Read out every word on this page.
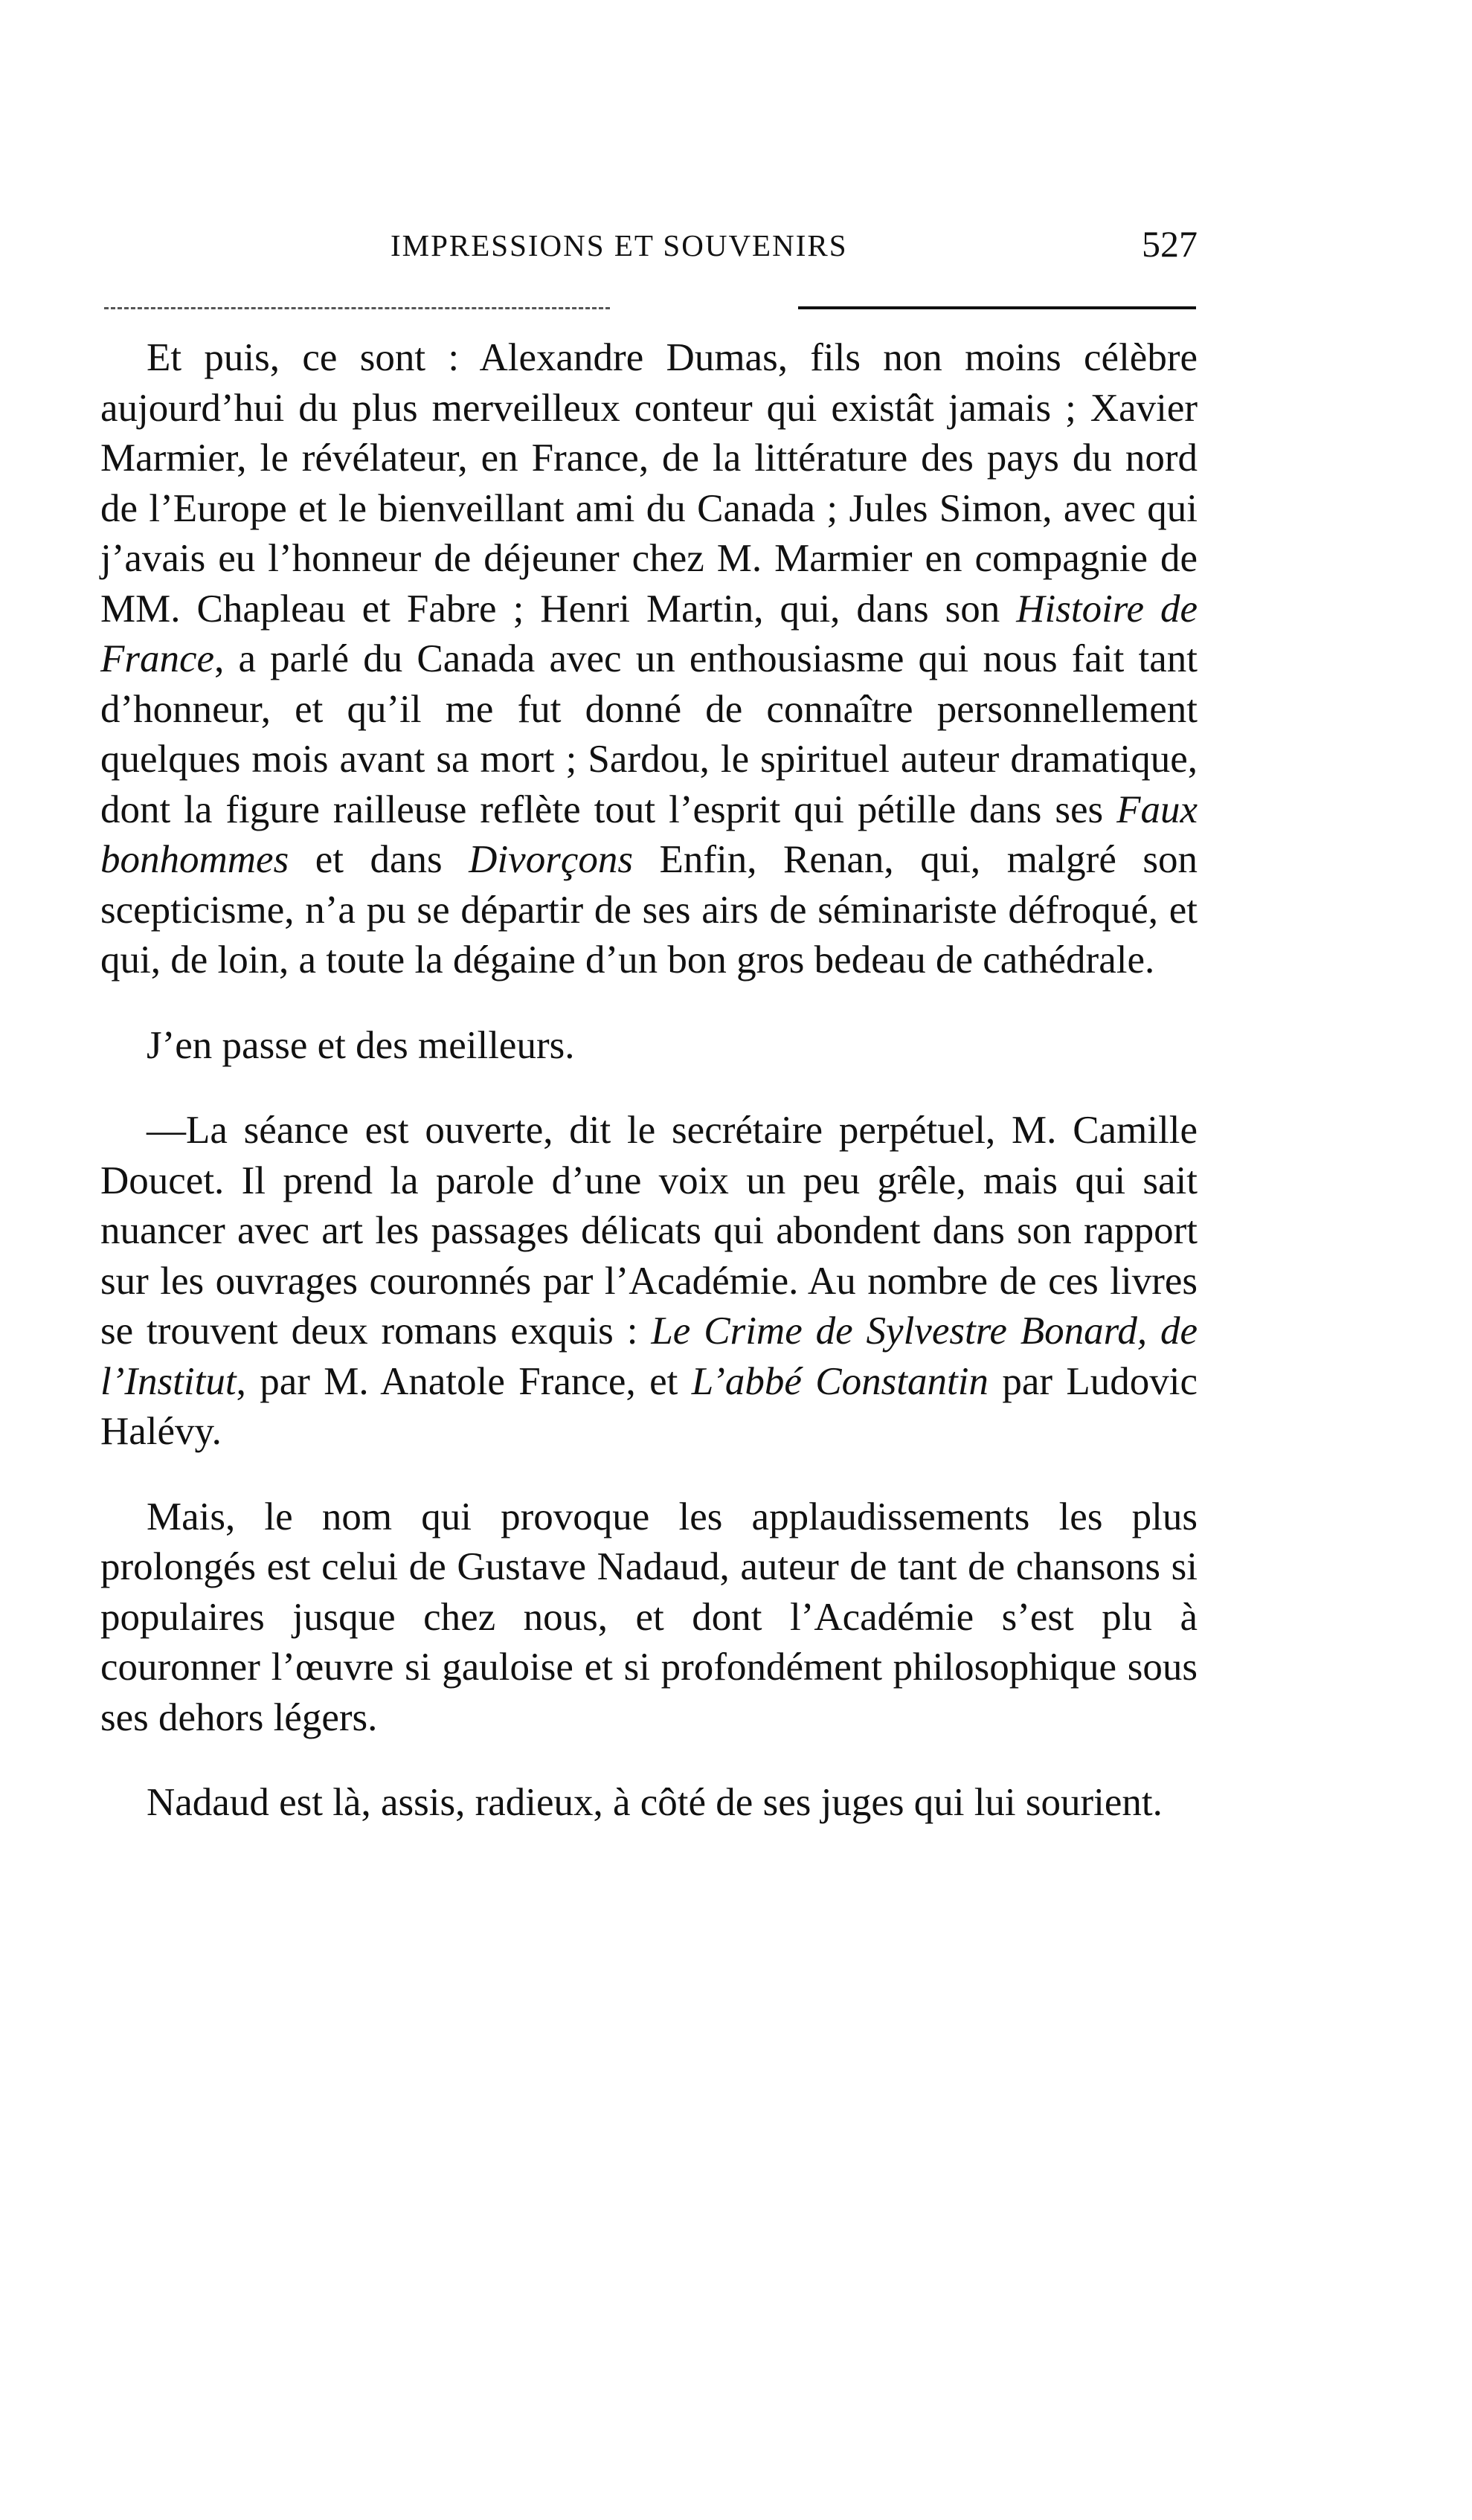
IMPRESSIONS ET SOUVENIRS	527

Et puis, ce sont : Alexandre Dumas, fils non moins célèbre aujourd’hui du plus merveilleux conteur qui existât jamais ; Xavier Marmier, le révélateur, en France, de la littérature des pays du nord de l’Europe et le bienveillant ami du Canada ; Jules Simon, avec qui j’avais eu l’honneur de déjeuner chez M. Marmier en compagnie de MM. Chapleau et Fabre ; Henri Martin, qui, dans son Histoire de France, a parlé du Canada avec un enthousiasme qui nous fait tant d’honneur, et qu’il me fut donné de connaître personnellement quelques mois avant sa mort ; Sardou, le spirituel auteur dramatique, dont la figure railleuse reflète tout l’esprit qui pétille dans ses Faux bonhommes et dans Divorçons Enfin, Renan, qui, malgré son scepticisme, n’a pu se départir de ses airs de séminariste défroqué, et qui, de loin, a toute la dégaine d’un bon gros bedeau de cathédrale.

J’en passe et des meilleurs.

—La séance est ouverte, dit le secrétaire perpétuel, M. Camille Doucet. Il prend la parole d’une voix un peu grêle, mais qui sait nuancer avec art les passages délicats qui abondent dans son rapport sur les ouvrages couronnés par l’Académie. Au nombre de ces livres se trouvent deux romans exquis : Le Crime de Sylvestre Bonard, de l’Institut, par M. Anatole France, et L’abbé Constantin par Ludovic Halévy.

Mais, le nom qui provoque les applaudissements les plus prolongés est celui de Gustave Nadaud, auteur de tant de chansons si populaires jusque chez nous, et dont l’Académie s’est plu à couronner l’œuvre si gauloise et si profondément philosophique sous ses dehors légers.

Nadaud est là, assis, radieux, à côté de ses juges qui lui sourient.
